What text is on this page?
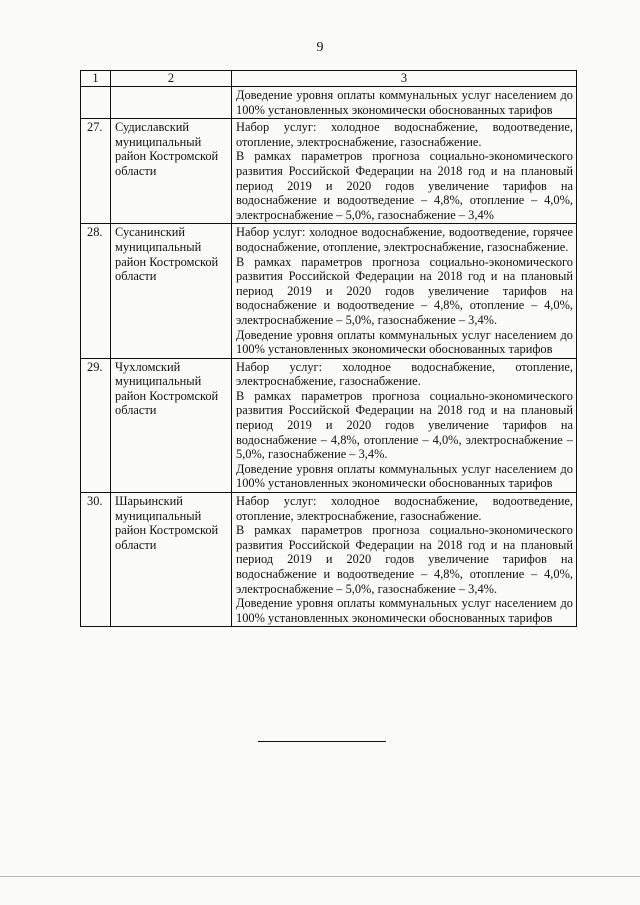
9
1	2	3

		Доведение уровня оплаты коммунальных услуг населением до 100% установленных экономически обоснованных тарифов

27.	Судиславский муниципальный район Костромской области	Набор услуг: холодное водоснабжение, водоотведение, отопление, электроснабжение, газоснабжение.

В рамках параметров прогноза социально-экономического развития Российской Федерации на 2018 год и на плановый период 2019 и 2020 годов увеличение тарифов на водоснабжение и водоотведение – 4,8%, отопление – 4,0%, электроснабжение – 5,0%, газоснабжение – 3,4%

28.	Сусанинский муниципальный район Костромской области	Набор услуг: холодное водоснабжение, водоотведение, горячее водоснабжение, отопление, электроснабжение, газоснабжение.

В рамках параметров прогноза социально-экономического развития Российской Федерации на 2018 год и на плановый период 2019 и 2020 годов увеличение тарифов на водоснабжение и водоотведение – 4,8%, отопление – 4,0%, электроснабжение – 5,0%, газоснабжение – 3,4%.

Доведение уровня оплаты коммунальных услуг населением до 100% установленных экономически обоснованных тарифов

29.	Чухломский муниципальный район Костромской области	Набор услуг: холодное водоснабжение, отопление, электроснабжение, газоснабжение.

В рамках параметров прогноза социально-экономического развития Российской Федерации на 2018 год и на плановый период 2019 и 2020 годов увеличение тарифов на водоснабжение – 4,8%, отопление – 4,0%, электроснабжение – 5,0%, газоснабжение – 3,4%.

Доведение уровня оплаты коммунальных услуг населением до 100% установленных экономически обоснованных тарифов

30.	Шарьинский муниципальный район Костромской области	Набор услуг: холодное водоснабжение, водоотведение, отопление, электроснабжение, газоснабжение.

В рамках параметров прогноза социально-экономического развития Российской Федерации на 2018 год и на плановый период 2019 и 2020 годов увеличение тарифов на водоснабжение и водоотведение – 4,8%, отопление – 4,0%, электроснабжение – 5,0%, газоснабжение – 3,4%.

Доведение уровня оплаты коммунальных услуг населением до 100% установленных экономически обоснованных тарифов
